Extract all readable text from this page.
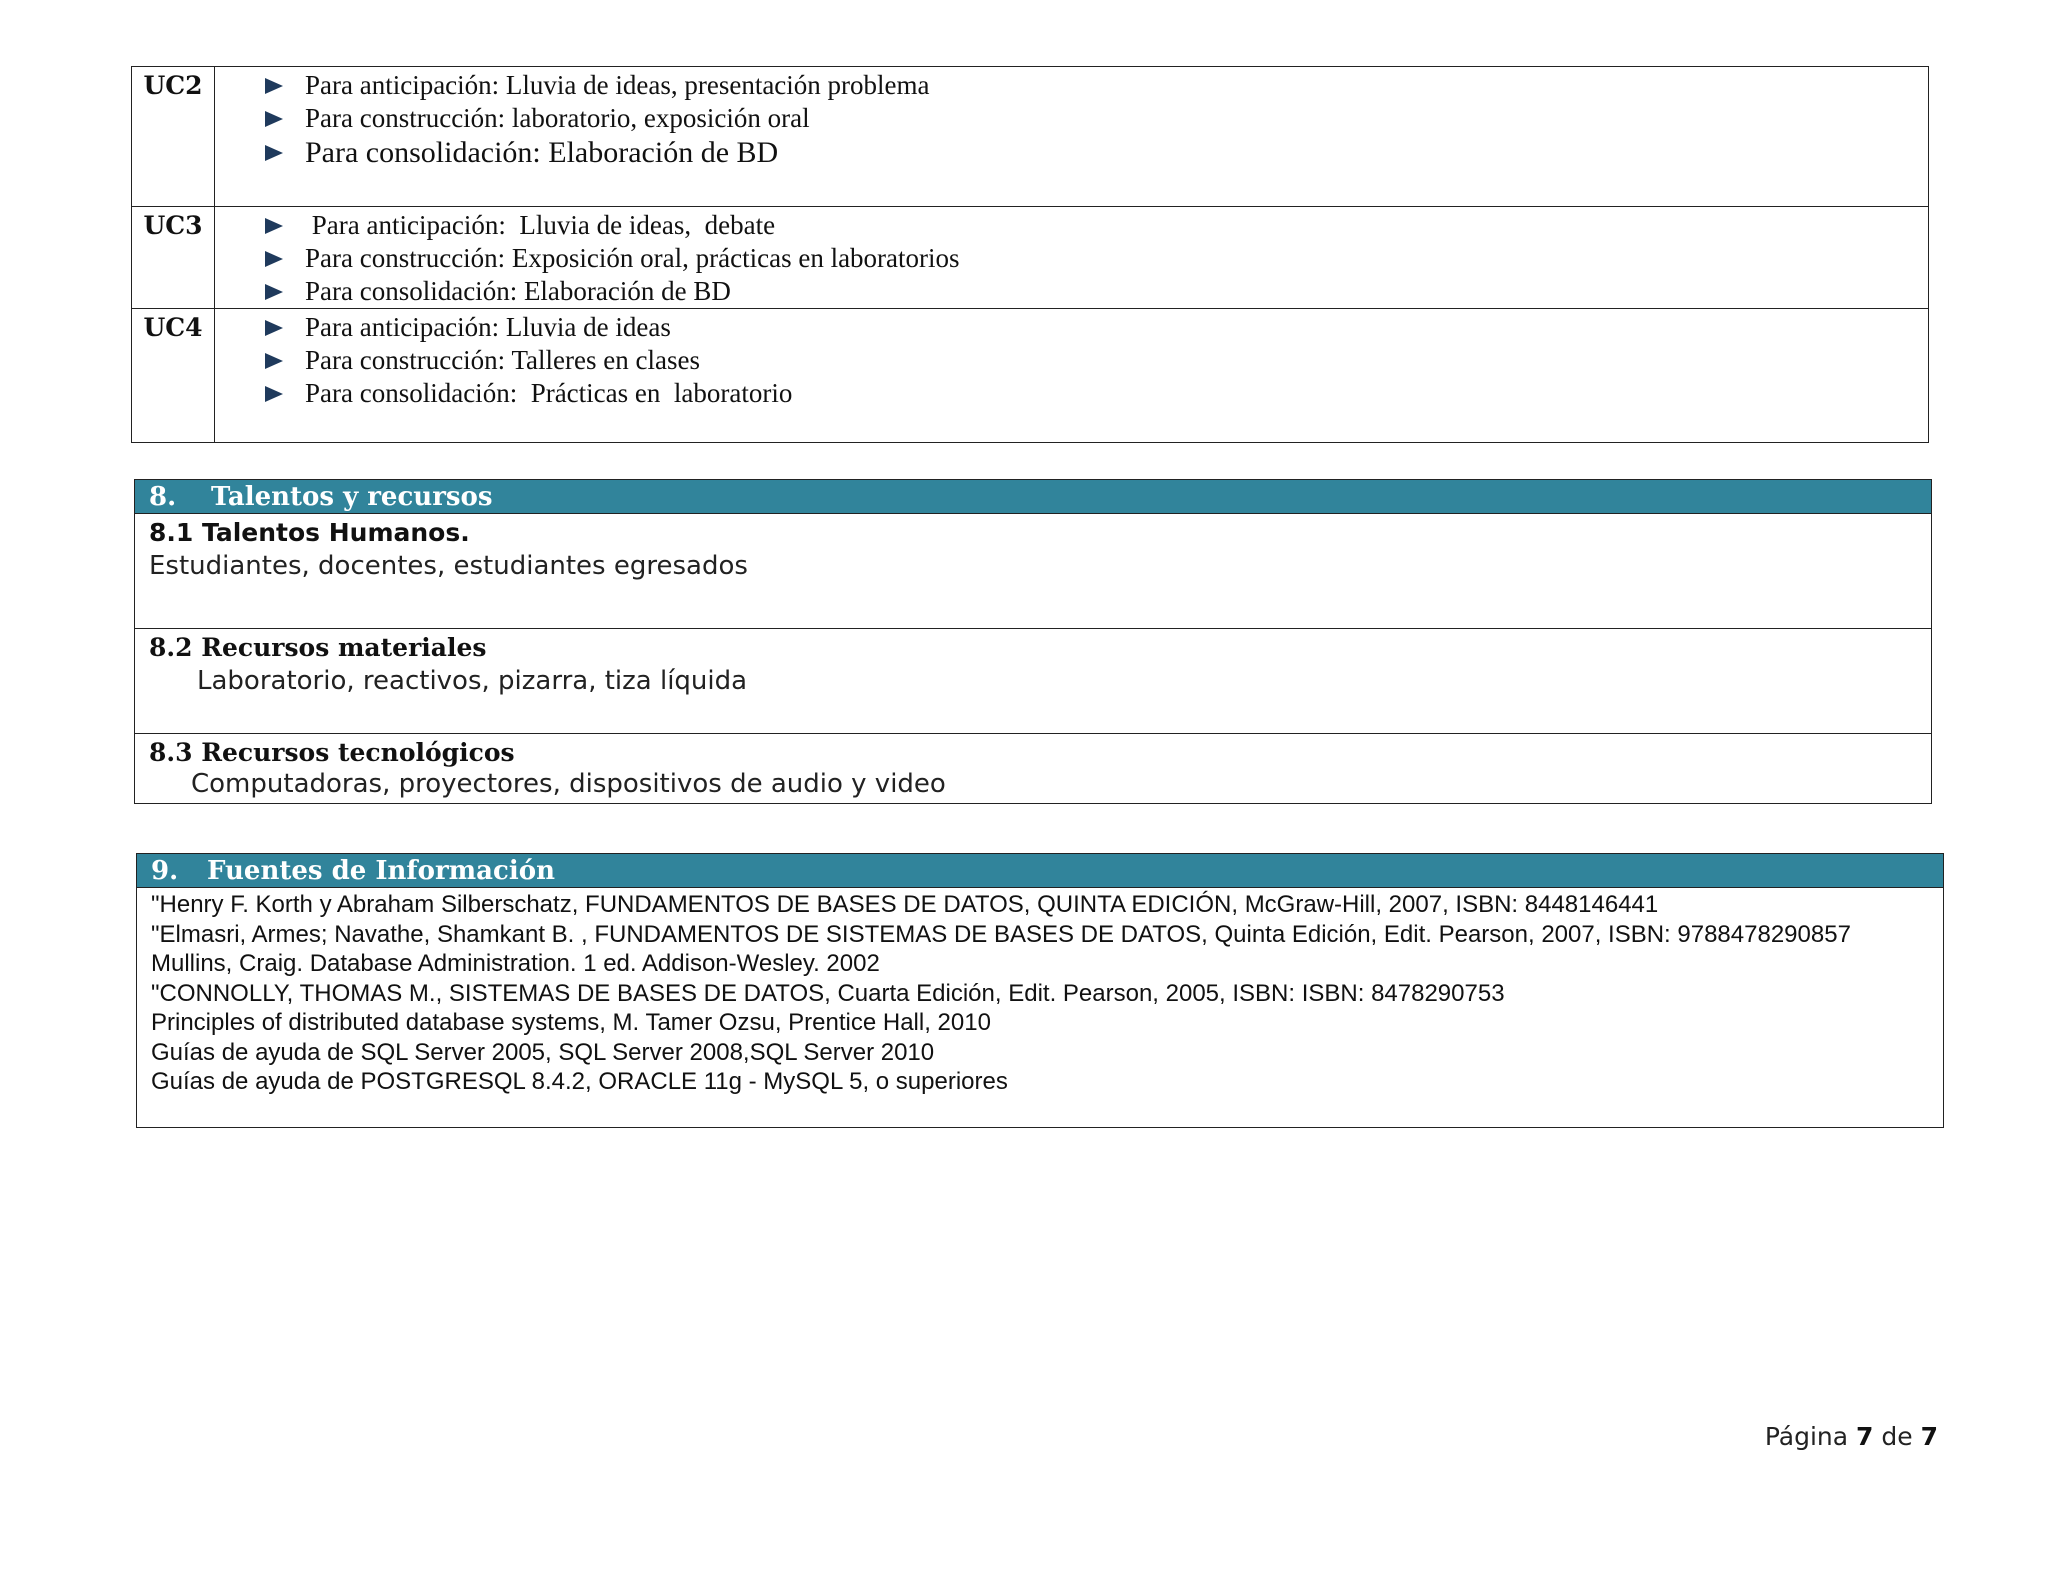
UC2	Para anticipación: Lluvia de ideas, presentación problema
Para construcción: laboratorio, exposición oral
Para consolidación: Elaboración de BD

UC3	Para anticipación:  Lluvia de ideas,  debate
Para construcción: Exposición oral, prácticas en laboratorios
Para consolidación: Elaboración de BD

UC4	Para anticipación: Lluvia de ideas
Para construcción: Talleres en clases
Para consolidación:  Prácticas en  laboratorio
8.	Talentos y recursos
8.1 Talentos Humanos.
Estudiantes, docentes, estudiantes egresados
8.2 Recursos materiales
Laboratorio, reactivos, pizarra, tiza líquida
8.3 Recursos tecnológicos
Computadoras, proyectores, dispositivos de audio y video
9.	Fuentes de Información
"Henry F. Korth y Abraham Silberschatz, FUNDAMENTOS DE BASES DE DATOS, QUINTA EDICIÓN, McGraw-Hill, 2007, ISBN: 8448146441
"Elmasri, Armes; Navathe, Shamkant B. , FUNDAMENTOS DE SISTEMAS DE BASES DE DATOS, Quinta Edición, Edit. Pearson, 2007, ISBN: 9788478290857
Mullins, Craig. Database Administration. 1 ed. Addison-Wesley. 2002
"CONNOLLY, THOMAS M., SISTEMAS DE BASES DE DATOS, Cuarta Edición, Edit. Pearson, 2005, ISBN: ISBN: 8478290753
Principles of distributed database systems, M. Tamer Ozsu, Prentice Hall, 2010
Guías de ayuda de SQL Server 2005, SQL Server 2008,SQL Server 2010
Guías de ayuda de POSTGRESQL 8.4.2, ORACLE 11g - MySQL 5, o superiores
Página 7 de 7
